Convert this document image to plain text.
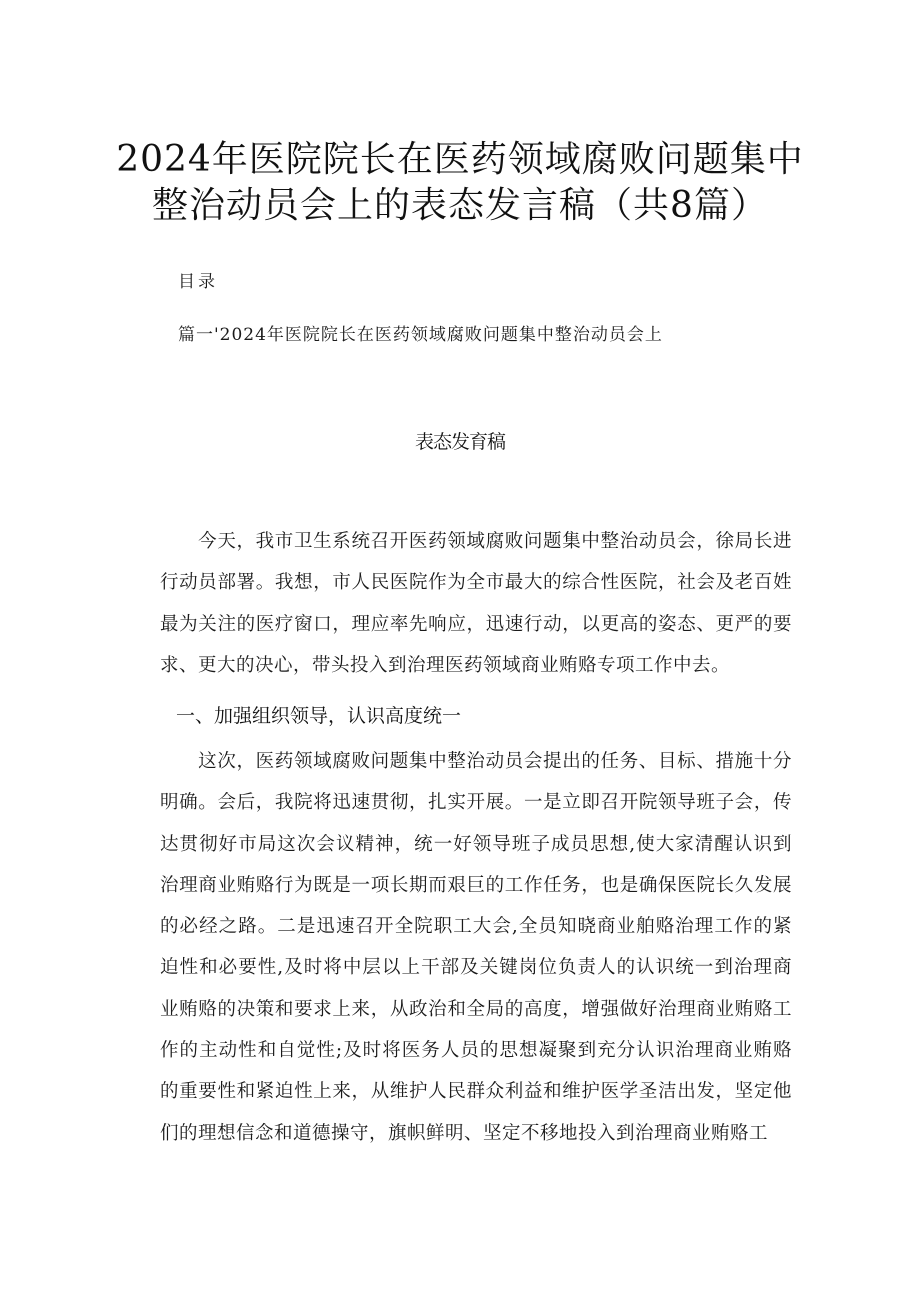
2024年医院院长在医药领域腐败问题集中
整治动员会上的表态发言稿（共8篇）
目录
篇一'2024年医院院长在医药领域腐败问题集中整治动员会上
表态发育稿
今天，我市卫生系统召开医药领域腐败问题集中整治动员会，徐局长进行动员部署。我想，市人民医院作为全市最大的综合性医院，社会及老百姓最为关注的医疗窗口，理应率先响应，迅速行动，以更高的姿态、更严的要求、更大的决心，带头投入到治理医药领域商业贿赂专项工作中去。
一、加强组织领导，认识高度统一
这次，医药领域腐败问题集中整治动员会提出的任务、目标、措施十分明确。会后，我院将迅速贯彻，扎实开展。一是立即召开院领导班子会，传达贯彻好市局这次会议精神，统一好领导班子成员思想,使大家清醒认识到治理商业贿赂行为既是一项长期而艰巨的工作任务，也是确保医院长久发展的必经之路。二是迅速召开全院职工大会,全员知晓商业舶赂治理工作的紧迫性和必要性,及时将中层以上干部及关键岗位负责人的认识统一到治理商业贿赂的决策和要求上来，从政治和全局的高度，增强做好治理商业贿赂工作的主动性和自觉性;及时将医务人员的思想凝聚到充分认识治理商业贿赂的重要性和紧迫性上来，从维护人民群众利益和维护医学圣洁出发，坚定他们的理想信念和道德操守，旗帜鲜明、坚定不移地投入到治理商业贿赂工
